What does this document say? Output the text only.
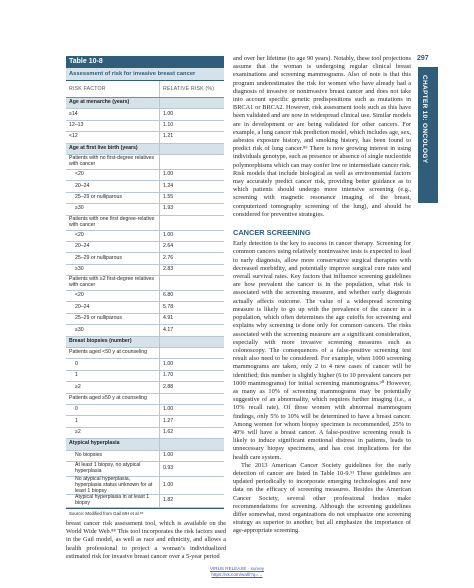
297
CHAPTER 10: ONCOLOGY
Table 10-8
Assessment of risk for invasive breast cancer
RISK FACTOR	RELATIVE RISK (%)
Age at menarche (years)	
≥14	1.00
12–13	1.10
<12	1.21
Age at first live birth (years)	
Patients with no first-degree relatives with cancer	
<20	1.00
20–24	1.24
25–29 or nulliparous	1.55
≥30	1.93
Patients with one first degree-relative with cancer	
<20	1.00
20–24	2.64
25–29 or nulliparous	2.76
≥30	2.83
Patients with ≥2 first-degree relatives with cancer	
<20	6.80
20–24	5.78
25–29 or nulliparous	4.91
≥30	4.17
Breast biopsies (number)	
Patients aged <50 y at counseling	
0	1.00
1	1.70
≥2	2.88
Patients aged ≥50 y at counseling	
0	1.00
1	1.27
≥2	1.62
Atypical hyperplasia	
No biopsies	1.00
At least 1 biopsy, no atypical hyperplasia	0.93
No atypical hyperplasia, hyperplasia status unknown for at least 1 biopsy	1.00
Atypical hyperplasia in at least 1 biopsy	1.82
Source: Modified from Gail MH et al.⁸⁶
breast cancer risk assessment tool, which is available on the World Wide Web.⁸⁸ This tool incorporates the risk factors used in the Gail model, as well as race and ethnicity, and allows a health professional to project a woman’s individualized estimated risk for invasive breast cancer over a 5-year period

and over her lifetime (to age 90 years). Notably, these tool projections assume that the woman is undergoing regular clinical breast examinations and screening mammograms. Also of note is that this program underestimates the risk for women who have already had a diagnosis of invasive or noninvasive breast cancer and does not take into account specific genetic predispositions such as mutations in BRCA1 or BRCA2. However, risk assessment tools such as this have been validated and are now in widespread clinical use. Similar models are in development or are being validated for other cancers. For example, a lung cancer risk prediction model, which includes age, sex, asbestos exposure history, and smoking history, has been found to predict risk of lung cancer.⁸⁹ There is now growing interest in using individuals genotype, such as presence or absence of single nucleotide polymorphisms which can may confer low or intermediate cancer risk. Risk models that include biological as well as environmental factors may accurately predict cancer risk, providing better guidance as to which patients should undergo more intensive screening (e.g., screening with magnetic resonance imaging of the breast, computerized tomography screening of the lung), and should be considered for preventive strategies.

CANCER SCREENING

Early detection is the key to success in cancer therapy. Screening for common cancers using relatively noninvasive tests is expected to lead to early diagnosis, allow more conservative surgical therapies with decreased morbidity, and potentially improve surgical cure rates and overall survival rates. Key factors that influence screening guidelines are how prevalent the cancer is in the population, what risk is associated with the screening measure, and whether early diagnosis actually affects outcome. The value of a widespread screening measure is likely to go up with the prevalence of the cancer in a population, which often determines the age cutoffs for screening and explains why screening is done only for common cancers. The risks associated with the screening measure are a significant consideration, especially with more invasive screening measures such as colonoscopy. The consequences of a false-positive screening test result also need to be considered. For example, when 1000 screening mammograms are taken, only 2 to 4 new cases of cancer will be identified; this number is slightly higher (6 to 10 prevalent cancers per 1000 mammograms) for initial screening mammograms.⁹⁰ However, as many as 10% of screening mammograms may be potentially suggestive of an abnormality, which requires further imaging (i.e., a 10% recall rate). Of those women with abnormal mammogram findings, only 5% to 10% will be determined to have a breast cancer. Among women for whom biopsy specimen is recommended, 25% to 40% will have a breast cancer. A false-positive screening result is likely to induce significant emotional distress in patients, leads to unnecessary biopsy specimens, and has cost implications for the health care system.

The 2013 American Cancer Society guidelines for the early detection of cancer are listed in Table 10-9.⁹¹ These guidelines are updated periodically to incorporate emerging technologies and new data on the efficacy of screening measures. Besides the American Cancer Society, several other professional bodies make recommendations for screening. Although the screening guidelines differ somewhat, most organizations do not emphasize one screening strategy as superior to another, but all emphasize the importance of age-appropriate screening.

VIRUS RELEASE · survey
https://vk.com/wall/?q=…
